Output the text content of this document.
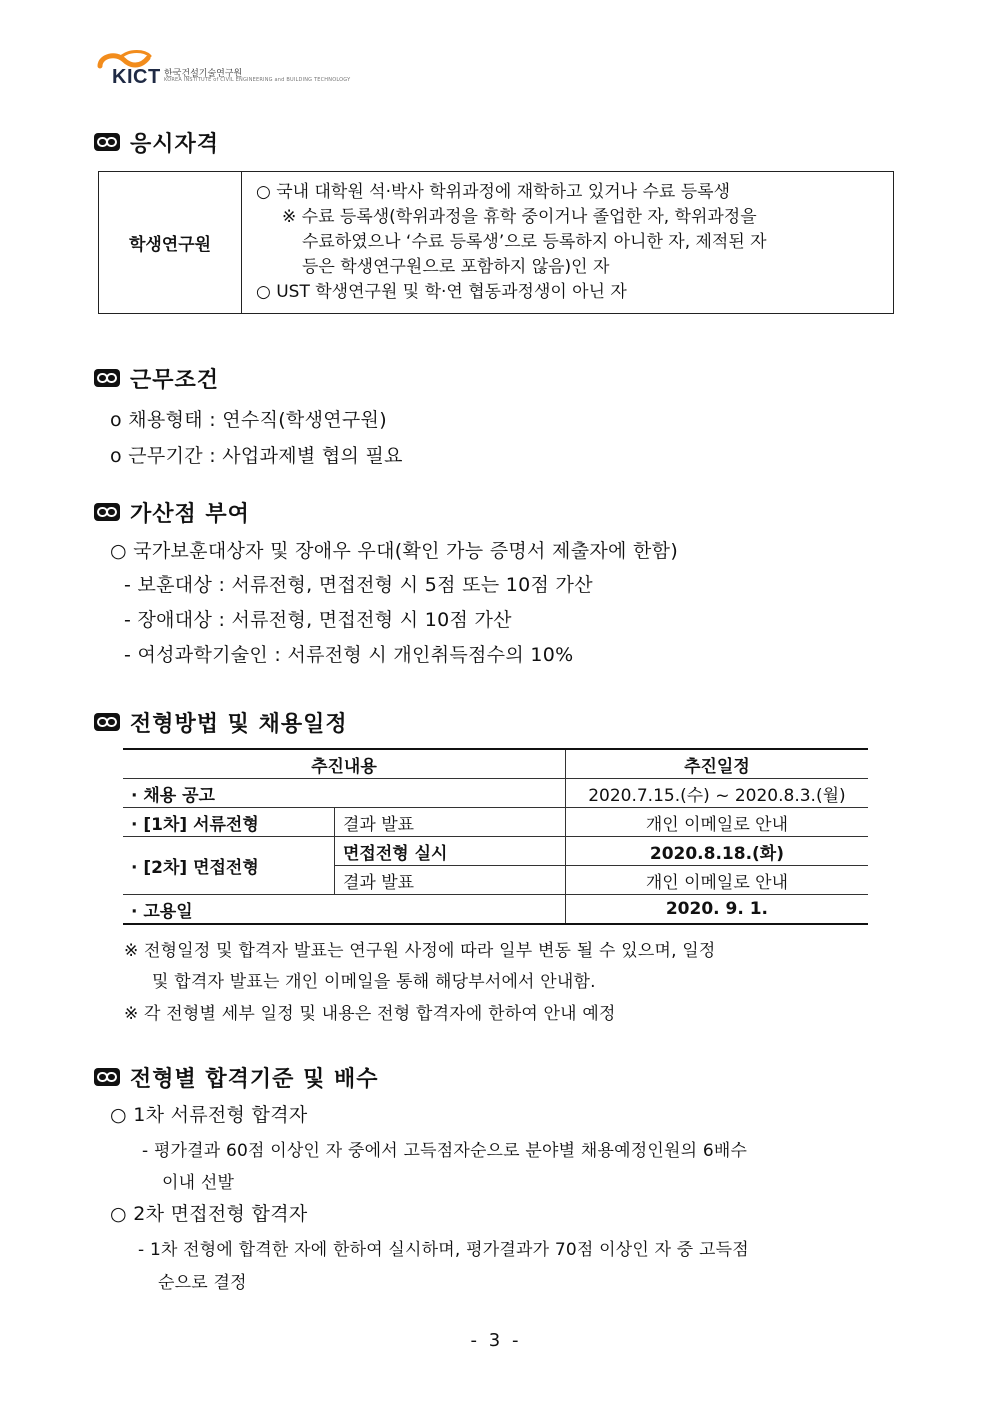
KICT 한국건설기술연구원
KOREA INSTITUTE of CIVIL ENGINEERING and BUILDING TECHNOLOGY
응시자격
학생연구원	
○ 국내 대학원 석·박사 학위과정에 재학하고 있거나 수료 등록생
※ 수료 등록생(학위과정을 휴학 중이거나 졸업한 자, 학위과정을
수료하였으나 ‘수료 등록생’으로 등록하지 아니한 자, 제적된 자
등은 학생연구원으로 포함하지 않음)인 자
○ UST 학생연구원 및 학·연 협동과정생이 아닌 자
근무조건
o 채용형태 : 연수직(학생연구원)
o 근무기간 : 사업과제별 협의 필요
가산점 부여
○ 국가보훈대상자 및 장애우 우대(확인 가능 증명서 제출자에 한함)
- 보훈대상 : 서류전형, 면접전형 시 5점 또는 10점 가산
- 장애대상 : 서류전형, 면접전형 시 10점 가산
- 여성과학기술인 : 서류전형 시 개인취득점수의 10%
전형방법 및 채용일정
추진내용		추진일정
· 채용 공고		2020.7.15.(수) ~ 2020.8.3.(월)
· [1차] 서류전형	결과 발표	개인 이메일로 안내
· [2차] 면접전형	면접전형 실시	2020.8.18.(화)
	결과 발표	개인 이메일로 안내
· 고용일		2020. 9. 1.
※ 전형일정 및 합격자 발표는 연구원 사정에 따라 일부 변동 될 수 있으며, 일정
및 합격자 발표는 개인 이메일을 통해 해당부서에서 안내함.
※ 각 전형별 세부 일정 및 내용은 전형 합격자에 한하여 안내 예정
전형별 합격기준 및 배수
○ 1차 서류전형 합격자
- 평가결과 60점 이상인 자 중에서 고득점자순으로 분야별 채용예정인원의 6배수
이내 선발
○ 2차 면접전형 합격자
- 1차 전형에 합격한 자에 한하여 실시하며, 평가결과가 70점 이상인 자 중 고득점
순으로 결정
- 3 -
